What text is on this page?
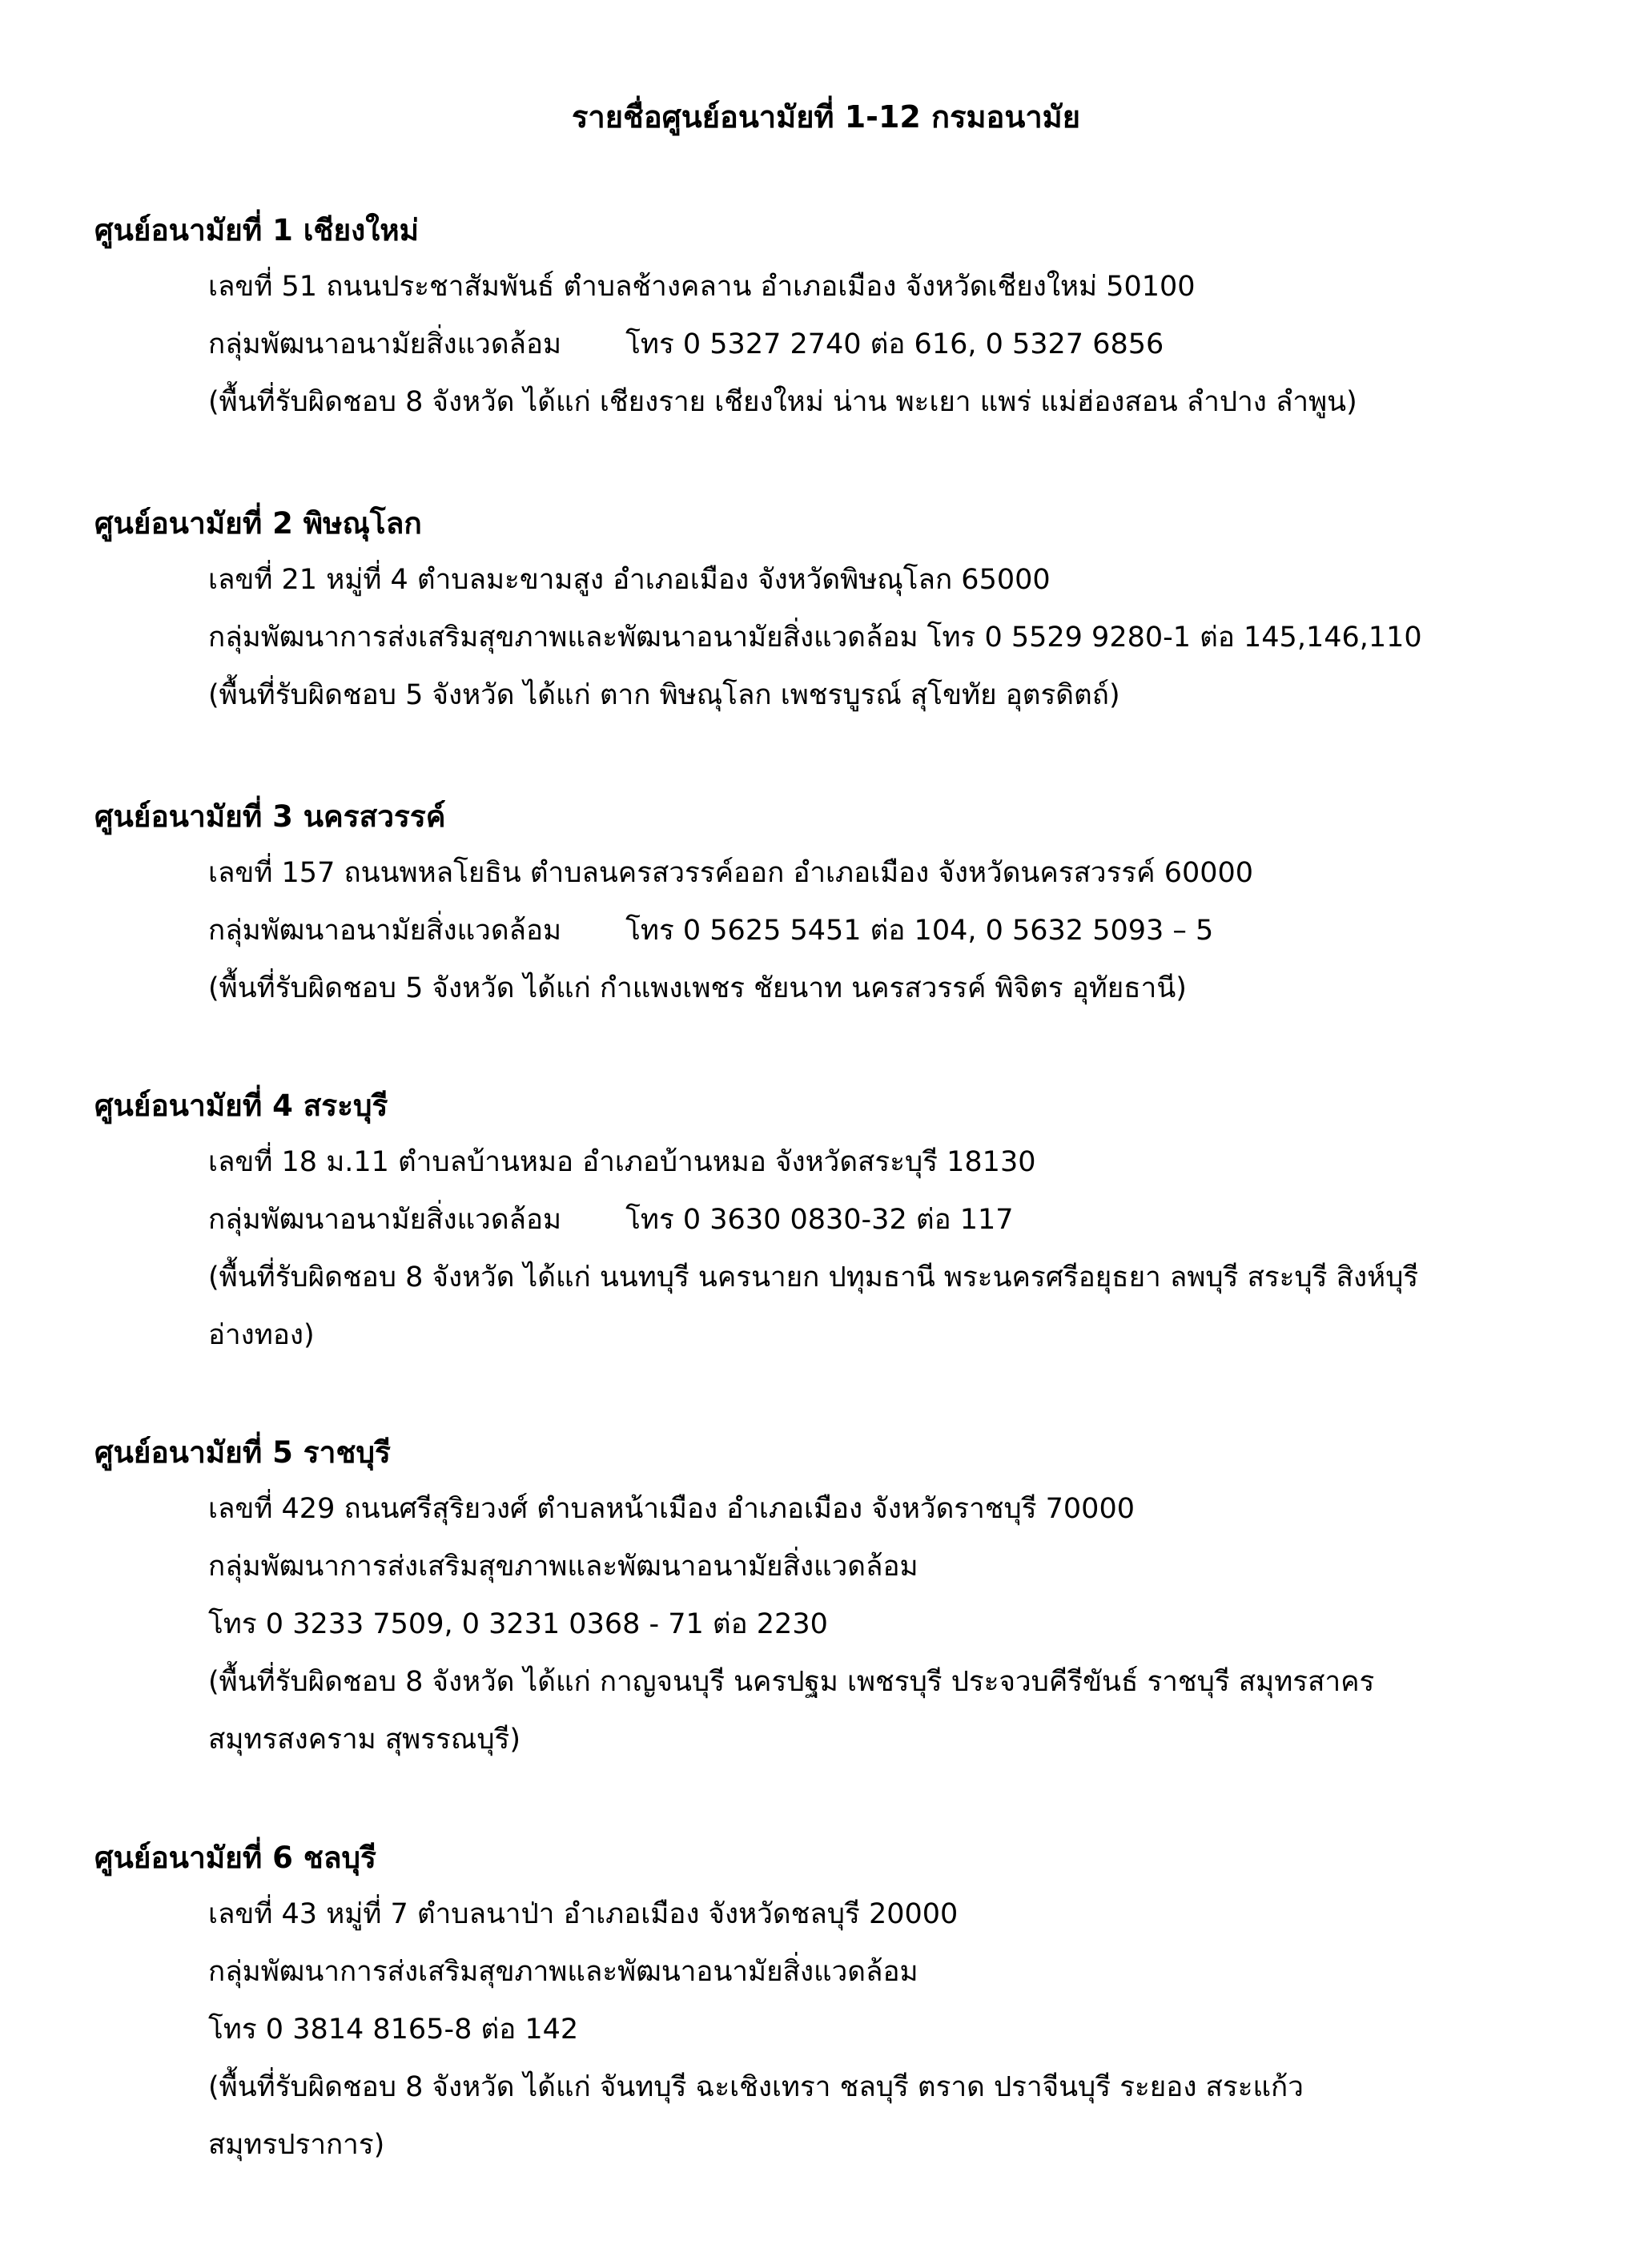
รายชื่อศูนย์อนามัยที่ 1-12 กรมอนามัย
ศูนย์อนามัยที่ 1 เชียงใหม่
เลขที่ 51 ถนนประชาสัมพันธ์ ตำบลช้างคลาน อำเภอเมือง จังหวัดเชียงใหม่ 50100
กลุ่มพัฒนาอนามัยสิ่งแวดล้อม โทร 0 5327 2740 ต่อ 616, 0 5327 6856
(พื้นที่รับผิดชอบ 8 จังหวัด ได้แก่ เชียงราย เชียงใหม่ น่าน พะเยา แพร่ แม่ฮ่องสอน ลำปาง ลำพูน)
ศูนย์อนามัยที่ 2 พิษณุโลก
เลขที่ 21 หมู่ที่ 4 ตำบลมะขามสูง อำเภอเมือง จังหวัดพิษณุโลก 65000
กลุ่มพัฒนาการส่งเสริมสุขภาพและพัฒนาอนามัยสิ่งแวดล้อม โทร 0 5529 9280-1 ต่อ 145,146,110
(พื้นที่รับผิดชอบ 5 จังหวัด ได้แก่ ตาก พิษณุโลก เพชรบูรณ์ สุโขทัย อุตรดิตถ์)
ศูนย์อนามัยที่ 3 นครสวรรค์
เลขที่ 157 ถนนพหลโยธิน ตำบลนครสวรรค์ออก อำเภอเมือง จังหวัดนครสวรรค์ 60000
กลุ่มพัฒนาอนามัยสิ่งแวดล้อม โทร 0 5625 5451 ต่อ 104, 0 5632 5093 – 5
(พื้นที่รับผิดชอบ 5 จังหวัด ได้แก่ กำแพงเพชร ชัยนาท นครสวรรค์ พิจิตร อุทัยธานี)
ศูนย์อนามัยที่ 4 สระบุรี
เลขที่ 18 ม.11 ตำบลบ้านหมอ อำเภอบ้านหมอ จังหวัดสระบุรี 18130
กลุ่มพัฒนาอนามัยสิ่งแวดล้อม โทร 0 3630 0830-32 ต่อ 117
(พื้นที่รับผิดชอบ 8 จังหวัด ได้แก่ นนทบุรี นครนายก ปทุมธานี พระนครศรีอยุธยา ลพบุรี สระบุรี สิงห์บุรี
อ่างทอง)
ศูนย์อนามัยที่ 5 ราชบุรี
เลขที่ 429 ถนนศรีสุริยวงศ์ ตำบลหน้าเมือง อำเภอเมือง จังหวัดราชบุรี 70000
กลุ่มพัฒนาการส่งเสริมสุขภาพและพัฒนาอนามัยสิ่งแวดล้อม
โทร 0 3233 7509, 0 3231 0368 - 71 ต่อ 2230
(พื้นที่รับผิดชอบ 8 จังหวัด ได้แก่ กาญจนบุรี นครปฐม เพชรบุรี ประจวบคีรีขันธ์ ราชบุรี สมุทรสาคร
สมุทรสงคราม สุพรรณบุรี)
ศูนย์อนามัยที่ 6 ชลบุรี
เลขที่ 43 หมู่ที่ 7 ตำบลนาป่า อำเภอเมือง จังหวัดชลบุรี 20000
กลุ่มพัฒนาการส่งเสริมสุขภาพและพัฒนาอนามัยสิ่งแวดล้อม
โทร 0 3814 8165-8 ต่อ 142
(พื้นที่รับผิดชอบ 8 จังหวัด ได้แก่ จันทบุรี ฉะเชิงเทรา ชลบุรี ตราด ปราจีนบุรี ระยอง สระแก้ว
สมุทรปราการ)
